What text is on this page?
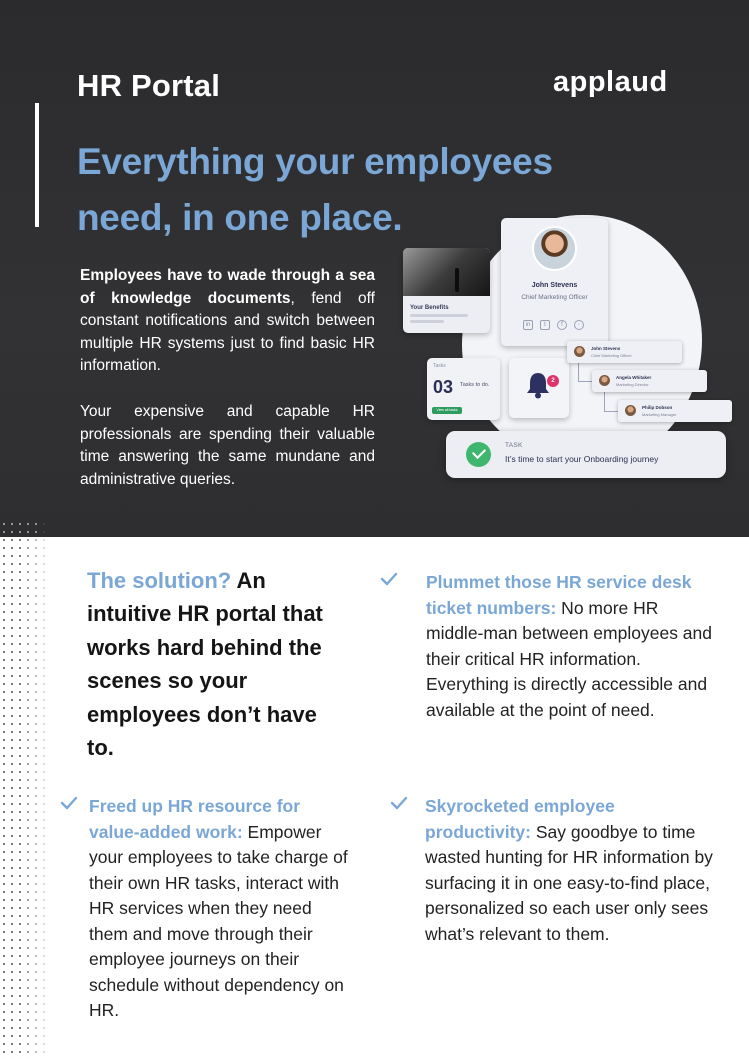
HR Portal	applaud
Everything your employees
need, in one place.
Employees have to wade through a sea of knowledge documents, fend off constant notifications and switch between multiple HR systems just to find basic HR information.
Your expensive and capable HR professionals are spending their valuable time answering the same mundane and administrative queries.
Your Benefits
John Stevens
Chief Marketing Officer
in	t	f	◦
Tasks
03 Tasks to do.
View all tasks
2
John Stevens
Chief Marketing Officer
Angela Whitaker
Marketing Director
Philip Dobson
Marketing Manager
TASK
It’s time to start your Onboarding journey
The solution? An intuitive HR portal that works hard behind the scenes so your employees don’t have to.
Plummet those HR service desk ticket numbers: No more HR middle-man between employees and their critical HR information. Everything is directly accessible and available at the point of need.
Freed up HR resource for value-added work: Empower your employees to take charge of their own HR tasks, interact with HR services when they need them and move through their employee journeys on their schedule without dependency on HR.
Skyrocketed employee productivity: Say goodbye to time wasted hunting for HR information by surfacing it in one easy-to-find place, personalized so each user only sees what’s relevant to them.
